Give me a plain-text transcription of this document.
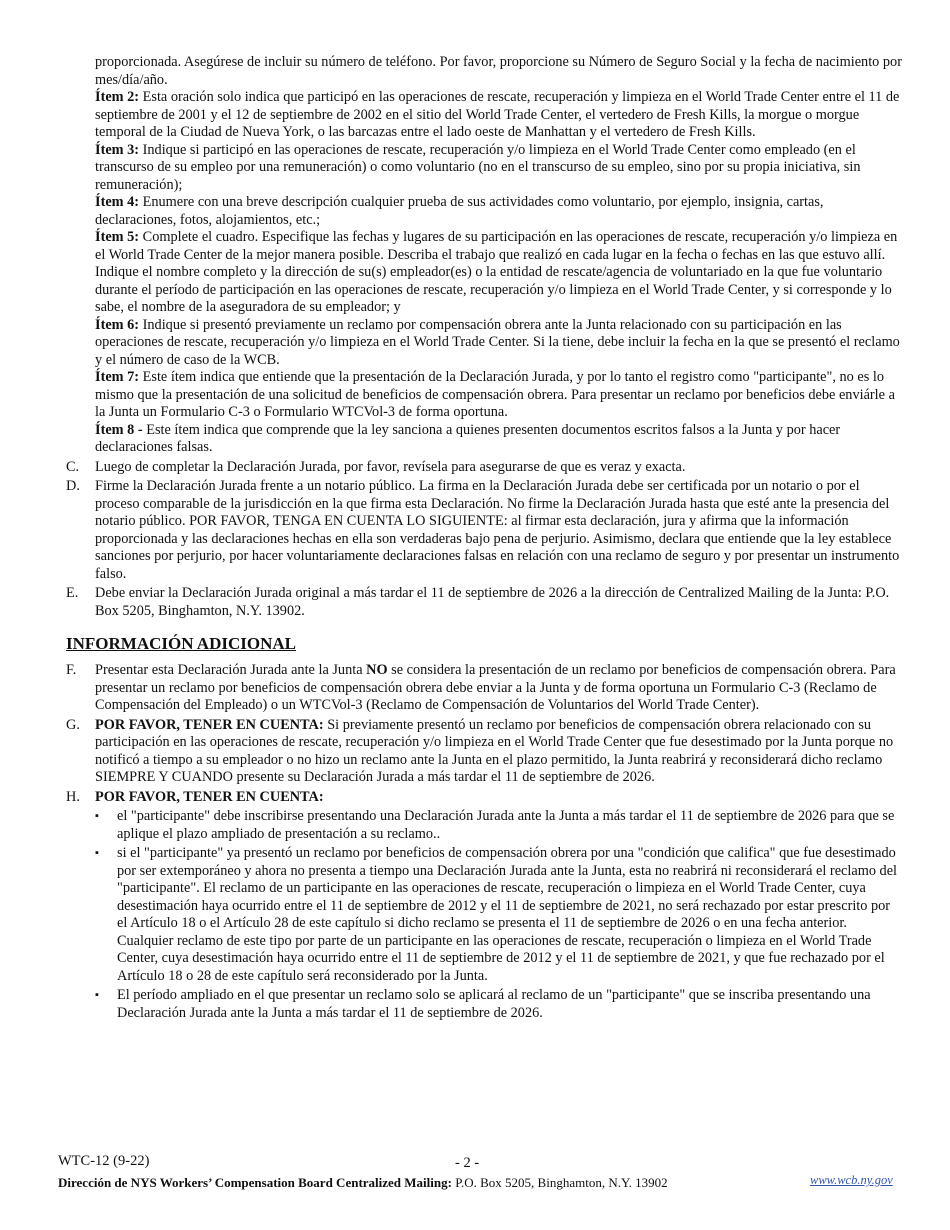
proporcionada. Asegúrese de incluir su número de teléfono. Por favor, proporcione su Número de Seguro Social y la fecha de nacimiento por mes/día/año.

Ítem 2: Esta oración solo indica que participó en las operaciones de rescate, recuperación y limpieza en el World Trade Center entre el 11 de septiembre de 2001 y el 12 de septiembre de 2002 en el sitio del World Trade Center, el vertedero de Fresh Kills, la morgue o morgue temporal de la Ciudad de Nueva York, o las barcazas entre el lado oeste de Manhattan y el vertedero de Fresh Kills.

Ítem 3: Indique si participó en las operaciones de rescate, recuperación y/o limpieza en el World Trade Center como empleado (en el transcurso de su empleo por una remuneración) o como voluntario (no en el transcurso de su empleo, sino por su propia iniciativa, sin remuneración);

Ítem 4: Enumere con una breve descripción cualquier prueba de sus actividades como voluntario, por ejemplo, insignia, cartas, declaraciones, fotos, alojamientos, etc.;

Ítem 5: Complete el cuadro. Especifique las fechas y lugares de su participación en las operaciones de rescate, recuperación y/o limpieza en el World Trade Center de la mejor manera posible. Describa el trabajo que realizó en cada lugar en la fecha o fechas en las que estuvo allí. Indique el nombre completo y la dirección de su(s) empleador(es) o la entidad de rescate/agencia de voluntariado en la que fue voluntario durante el período de participación en las operaciones de rescate, recuperación y/o limpieza en el World Trade Center, y si corresponde y lo sabe, el nombre de la aseguradora de su empleador; y

Ítem 6: Indique si presentó previamente un reclamo por compensación obrera ante la Junta relacionado con su participación en las operaciones de rescate, recuperación y/o limpieza en el World Trade Center. Si la tiene, debe incluir la fecha en la que se presentó el reclamo y el número de caso de la WCB.

Ítem 7: Este ítem indica que entiende que la presentación de la Declaración Jurada, y por lo tanto el registro como "participante", no es lo mismo que la presentación de una solicitud de beneficios de compensación obrera. Para presentar un reclamo por beneficios debe enviárle a la Junta un Formulario C-3 o Formulario WTCVol-3 de forma oportuna.

Ítem 8 - Este ítem indica que comprende que la ley sanciona a quienes presenten documentos escritos falsos a la Junta y por hacer declaraciones falsas.

C. Luego de completar la Declaración Jurada, por favor, revísela para asegurarse de que es veraz y exacta.
D. Firme la Declaración Jurada frente a un notario público. La firma en la Declaración Jurada debe ser certificada por un notario o por el proceso comparable de la jurisdicción en la que firma esta Declaración. No firme la Declaración Jurada hasta que esté ante la presencia del notario público. POR FAVOR, TENGA EN CUENTA LO SIGUIENTE: al firmar esta declaración, jura y afirma que la información proporcionada y las declaraciones hechas en ella son verdaderas bajo pena de perjurio. Asimismo, declara que entiende que la ley establece sanciones por perjurio, por hacer voluntariamente declaraciones falsas en relación con una reclamo de seguro y por presentar un instrumento falso.
E. Debe enviar la Declaración Jurada original a más tardar el 11 de septiembre de 2026 a la dirección de Centralized Mailing de la Junta: P.O. Box 5205, Binghamton, N.Y. 13902.
INFORMACIÓN ADICIONAL
F. Presentar esta Declaración Jurada ante la Junta NO se considera la presentación de un reclamo por beneficios de compensación obrera. Para presentar un reclamo por beneficios de compensación obrera debe enviar a la Junta y de forma oportuna un Formulario C-3 (Reclamo de Compensación del Empleado) o un WTCVol-3 (Reclamo de Compensación de Voluntarios del World Trade Center).
G. POR FAVOR, TENER EN CUENTA: Si previamente presentó un reclamo por beneficios de compensación obrera relacionado con su participación en las operaciones de rescate, recuperación y/o limpieza en el World Trade Center que fue desestimado por la Junta porque no notificó a tiempo a su empleador o no hizo un reclamo ante la Junta en el plazo permitido, la Junta reabrirá y reconsiderará dicho reclamo SIEMPRE Y CUANDO presente su Declaración Jurada a más tardar el 11 de septiembre de 2026.
H. POR FAVOR, TENER EN CUENTA:
▪ el "participante" debe inscribirse presentando una Declaración Jurada ante la Junta a más tardar el 11 de septiembre de 2026 para que se aplique el plazo ampliado de presentación a su reclamo..
▪ si el "participante" ya presentó un reclamo por beneficios de compensación obrera por una "condición que califica" que fue desestimado por ser extemporáneo y ahora no presenta a tiempo una Declaración Jurada ante la Junta, esta no reabrirá ni reconsiderará el reclamo del "participante". El reclamo de un participante en las operaciones de rescate, recuperación o limpieza en el World Trade Center, cuya desestimación haya ocurrido entre el 11 de septiembre de 2012 y el 11 de septiembre de 2021, no será rechazado por estar prescrito por el Artículo 18 o el Artículo 28 de este capítulo si dicho reclamo se presenta el 11 de septiembre de 2026 o en una fecha anterior. Cualquier reclamo de este tipo por parte de un participante en las operaciones de rescate, recuperación o limpieza en el World Trade Center, cuya desestimación haya ocurrido entre el 11 de septiembre de 2012 y el 11 de septiembre de 2021, y que fue rechazado por el Artículo 18 o 28 de este capítulo será reconsiderado por la Junta.
▪ El período ampliado en el que presentar un reclamo solo se aplicará al reclamo de un "participante" que se inscriba presentando una Declaración Jurada ante la Junta a más tardar el 11 de septiembre de 2026.
WTC-12 (9-22)	- 2 -
Dirección de NYS Workers’ Compensation Board Centralized Mailing: P.O. Box 5205, Binghamton, N.Y. 13902	www.wcb.ny.gov
